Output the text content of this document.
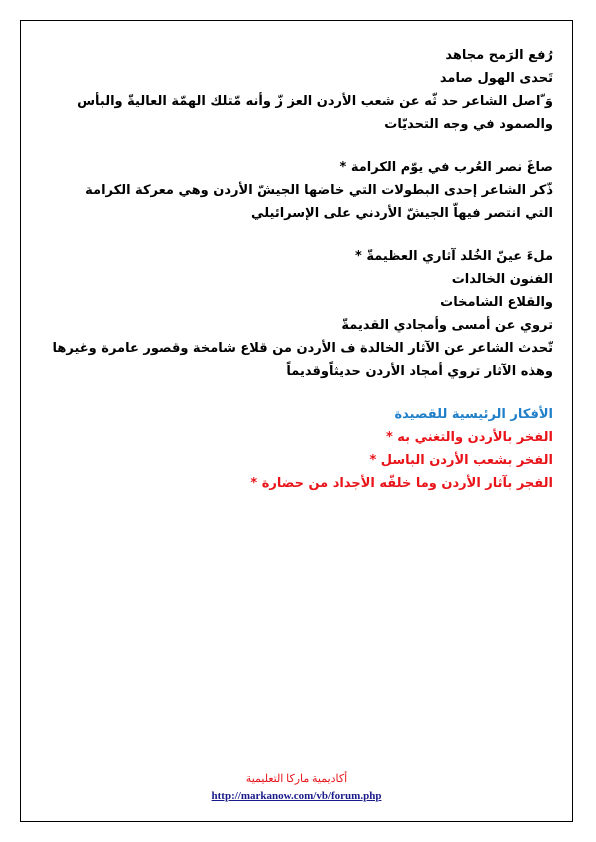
رُفع الرَمح مجاهد
تَحدى الهول صامد
وَ ّاصل الشاعر حد ثّه عن شعب الأردن العز زّ وأنه مّتلك الهمّة العاليةّ والبأس
والصمود في وجه التحديّات
صاغَ نصر العُرب في يوّم الكرامة *
ذّكر الشاعر إحدى البطولات التي خاضها الجيشّ الأردن وهي معركة الكرامة
التي انتصر فيهاّ الجيشّ الأردني على الإسرائيلي
ملءَ عينّ الخُلد آثاري العظيمةّ *
الفنون الخالدات
والقلاع الشامخات
تروي عن أمسى وأمجادي القديمةّ
تّحدث الشاعر عن الآثار الخالدة ف الأردن من قلاع شامخة وقصور عامرة وغيرها
وهذه الآثار تروي أمجاد الأردن حديثاًوقديماً
الأفكار الرئيسية للقصيدة
الفخر بالأردن والتغني به *
الفخر بشعب الأردن الباسل *
الفجر بآثار الأردن وما خلفّه الأجداد من حضارة *
أكاديمية ماركا التعليمية
http://markanow.com/vb/forum.php
